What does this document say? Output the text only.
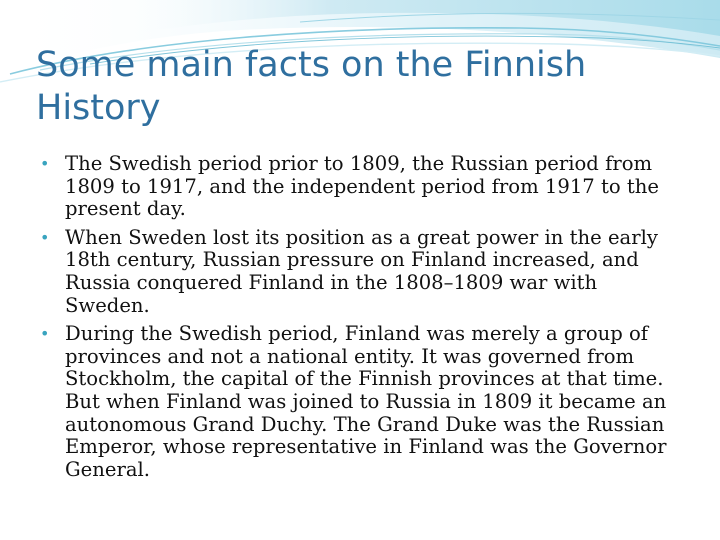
Some main facts on the Finnish History
• The Swedish period prior to 1809, the Russian period from 1809 to 1917, and the independent period from 1917 to the present day.
• When Sweden lost its position as a great power in the early 18th century, Russian pressure on Finland increased, and Russia conquered Finland in the 1808–1809 war with Sweden.
• During the Swedish period, Finland was merely a group of provinces and not a national entity. It was governed from Stockholm, the capital of the Finnish provinces at that time. But when Finland was joined to Russia in 1809 it became an autonomous Grand Duchy. The Grand Duke was the Russian Emperor, whose representative in Finland was the Governor General.
